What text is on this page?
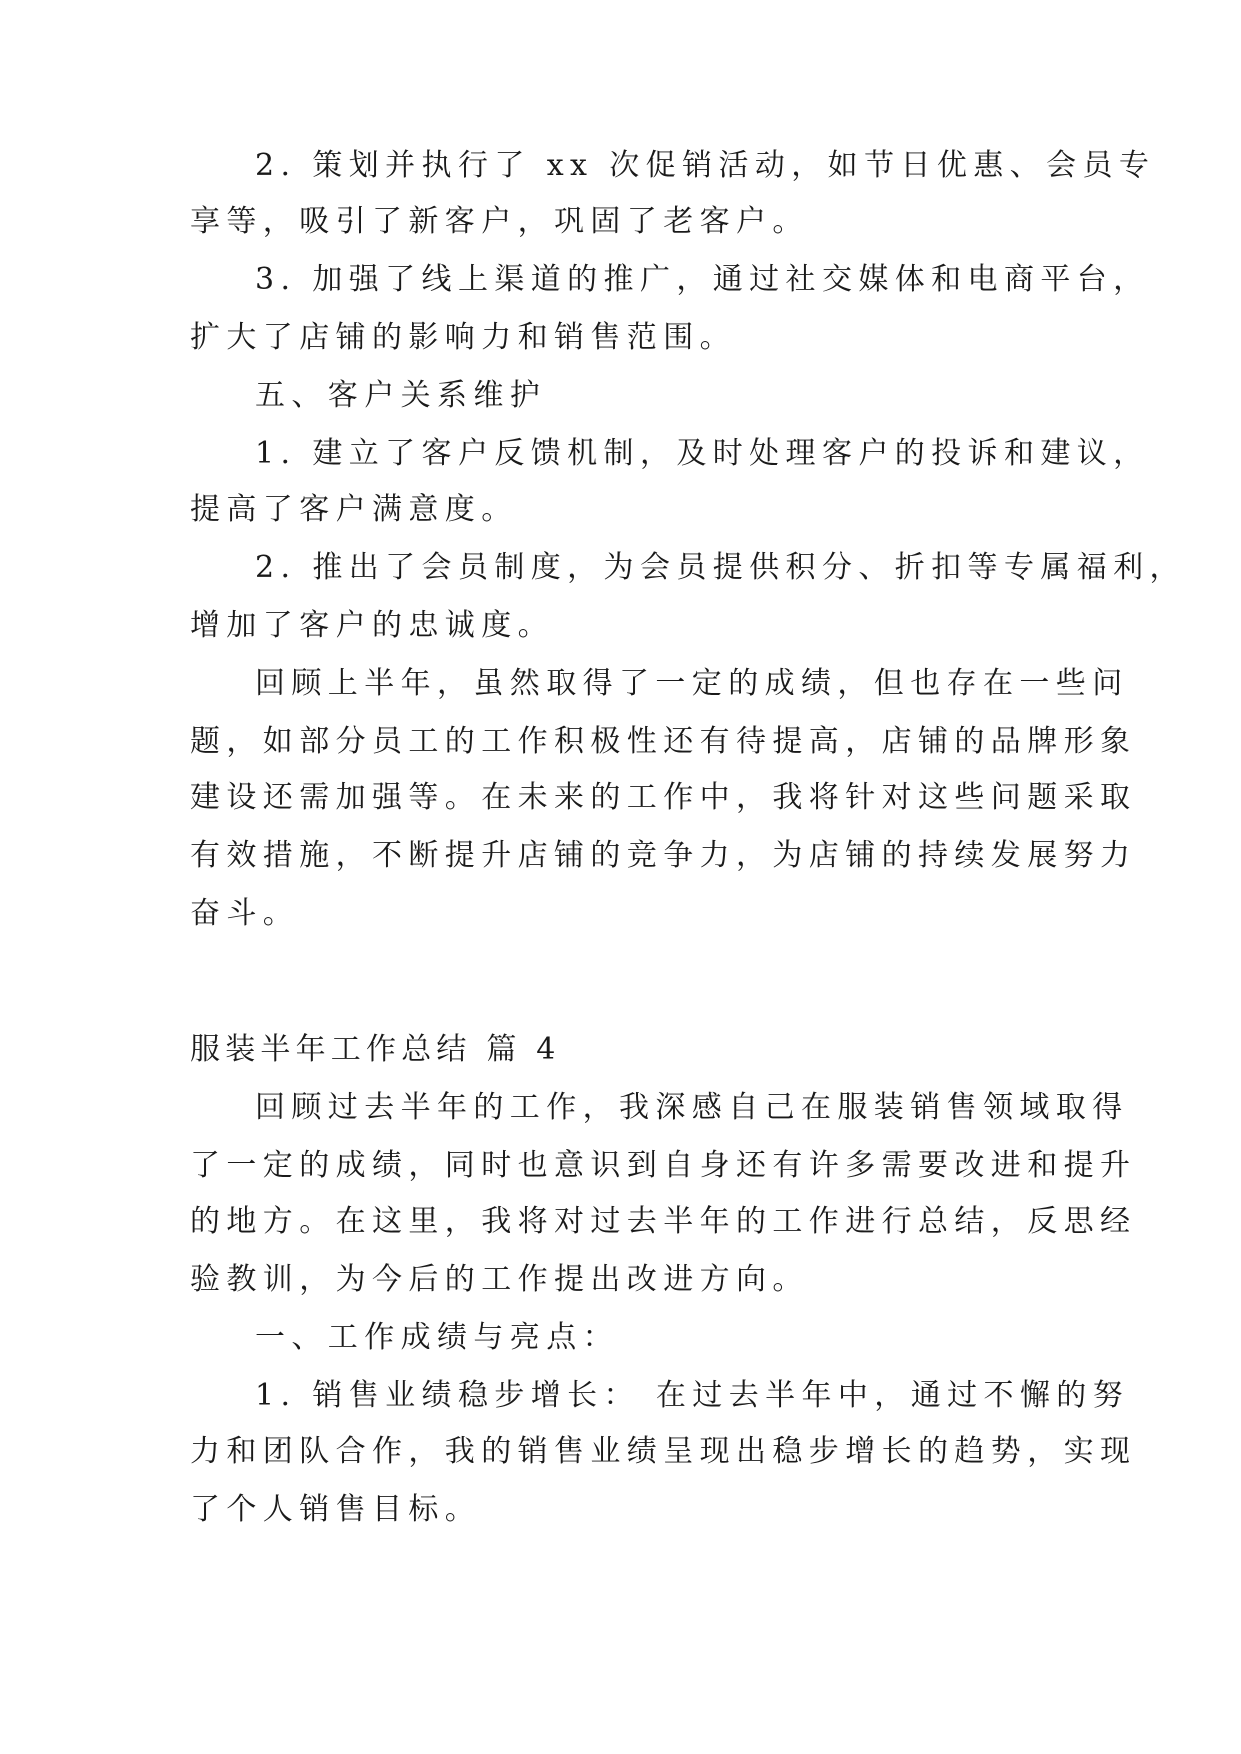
2. 策划并执行了 xx 次促销活动，如节日优惠、会员专

享等，吸引了新客户，巩固了老客户。

3. 加强了线上渠道的推广，通过社交媒体和电商平台，

扩大了店铺的影响力和销售范围。

五、客户关系维护

1. 建立了客户反馈机制，及时处理客户的投诉和建议，

提高了客户满意度。

2. 推出了会员制度，为会员提供积分、折扣等专属福利，

增加了客户的忠诚度。

回顾上半年，虽然取得了一定的成绩，但也存在一些问

题，如部分员工的工作积极性还有待提高，店铺的品牌形象

建设还需加强等。在未来的工作中，我将针对这些问题采取

有效措施，不断提升店铺的竞争力，为店铺的持续发展努力

奋斗。

服装半年工作总结 篇 4

回顾过去半年的工作，我深感自己在服装销售领域取得

了一定的成绩，同时也意识到自身还有许多需要改进和提升

的地方。在这里，我将对过去半年的工作进行总结，反思经

验教训，为今后的工作提出改进方向。

一、工作成绩与亮点：

1. 销售业绩稳步增长： 在过去半年中，通过不懈的努

力和团队合作，我的销售业绩呈现出稳步增长的趋势，实现

了个人销售目标。
